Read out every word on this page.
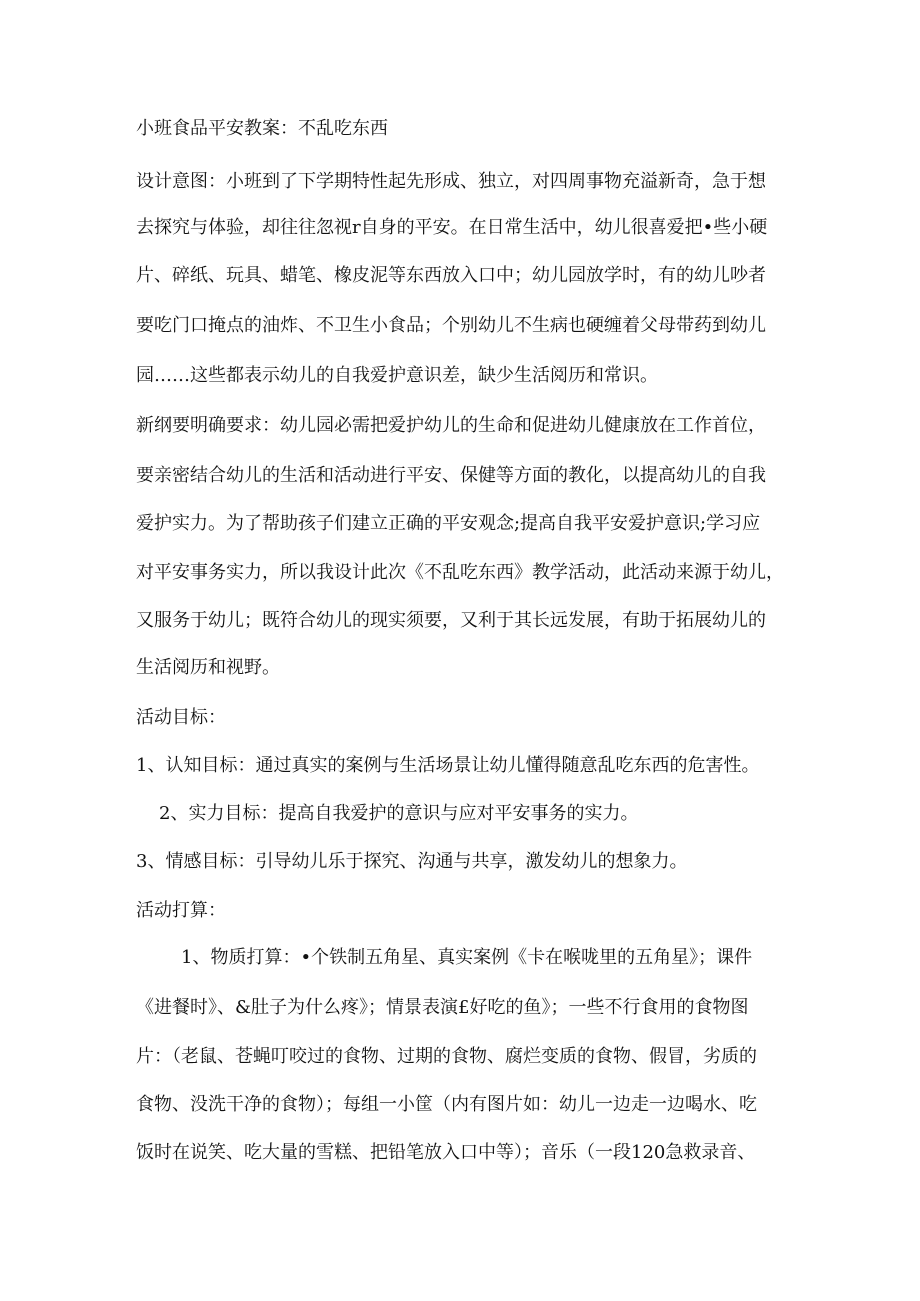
小班食品平安教案：不乱吃东西

设计意图：小班到了下学期特性起先形成、独立，对四周事物充溢新奇，急于想

去探究与体验，却往往忽视r自身的平安。在日常生活中，幼儿很喜爱把•些小硬

片、碎纸、玩具、蜡笔、橡皮泥等东西放入口中；幼儿园放学时，有的幼儿吵者

要吃门口掩点的油炸、不卫生小食品；个别幼儿不生病也硬缠着父母带药到幼儿

园……这些都表示幼儿的自我爱护意识差，缺少生活阅历和常识。

新纲要明确要求：幼儿园必需把爱护幼儿的生命和促进幼儿健康放在工作首位，

要亲密结合幼儿的生活和活动进行平安、保健等方面的教化，以提高幼儿的自我

爱护实力。为了帮助孩子们建立正确的平安观念;提高自我平安爱护意识;学习应

对平安事务实力，所以我设计此次《不乱吃东西》教学活动，此活动来源于幼儿，

又服务于幼儿；既符合幼儿的现实须要，又利于其长远发展，有助于拓展幼儿的

生活阅历和视野。

活动目标：

1、认知目标：通过真实的案例与生活场景让幼儿懂得随意乱吃东西的危害性。

2、实力目标：提高自我爱护的意识与应对平安事务的实力。

3、情感目标：引导幼儿乐于探究、沟通与共享，激发幼儿的想象力。

活动打算：

1、物质打算：•个铁制五角星、真实案例《卡在喉咙里的五角星》；课件

《进餐时》、&肚子为什么疼》；情景表演£好吃的鱼》；一些不行食用的食物图

片：（老鼠、苍蝇叮咬过的食物、过期的食物、腐烂变质的食物、假冒，劣质的

食物、没洗干净的食物）；每组一小筐（内有图片如：幼儿一边走一边喝水、吃

饭时在说笑、吃大量的雪糕、把铅笔放入口中等）；音乐（一段120急救录音、
